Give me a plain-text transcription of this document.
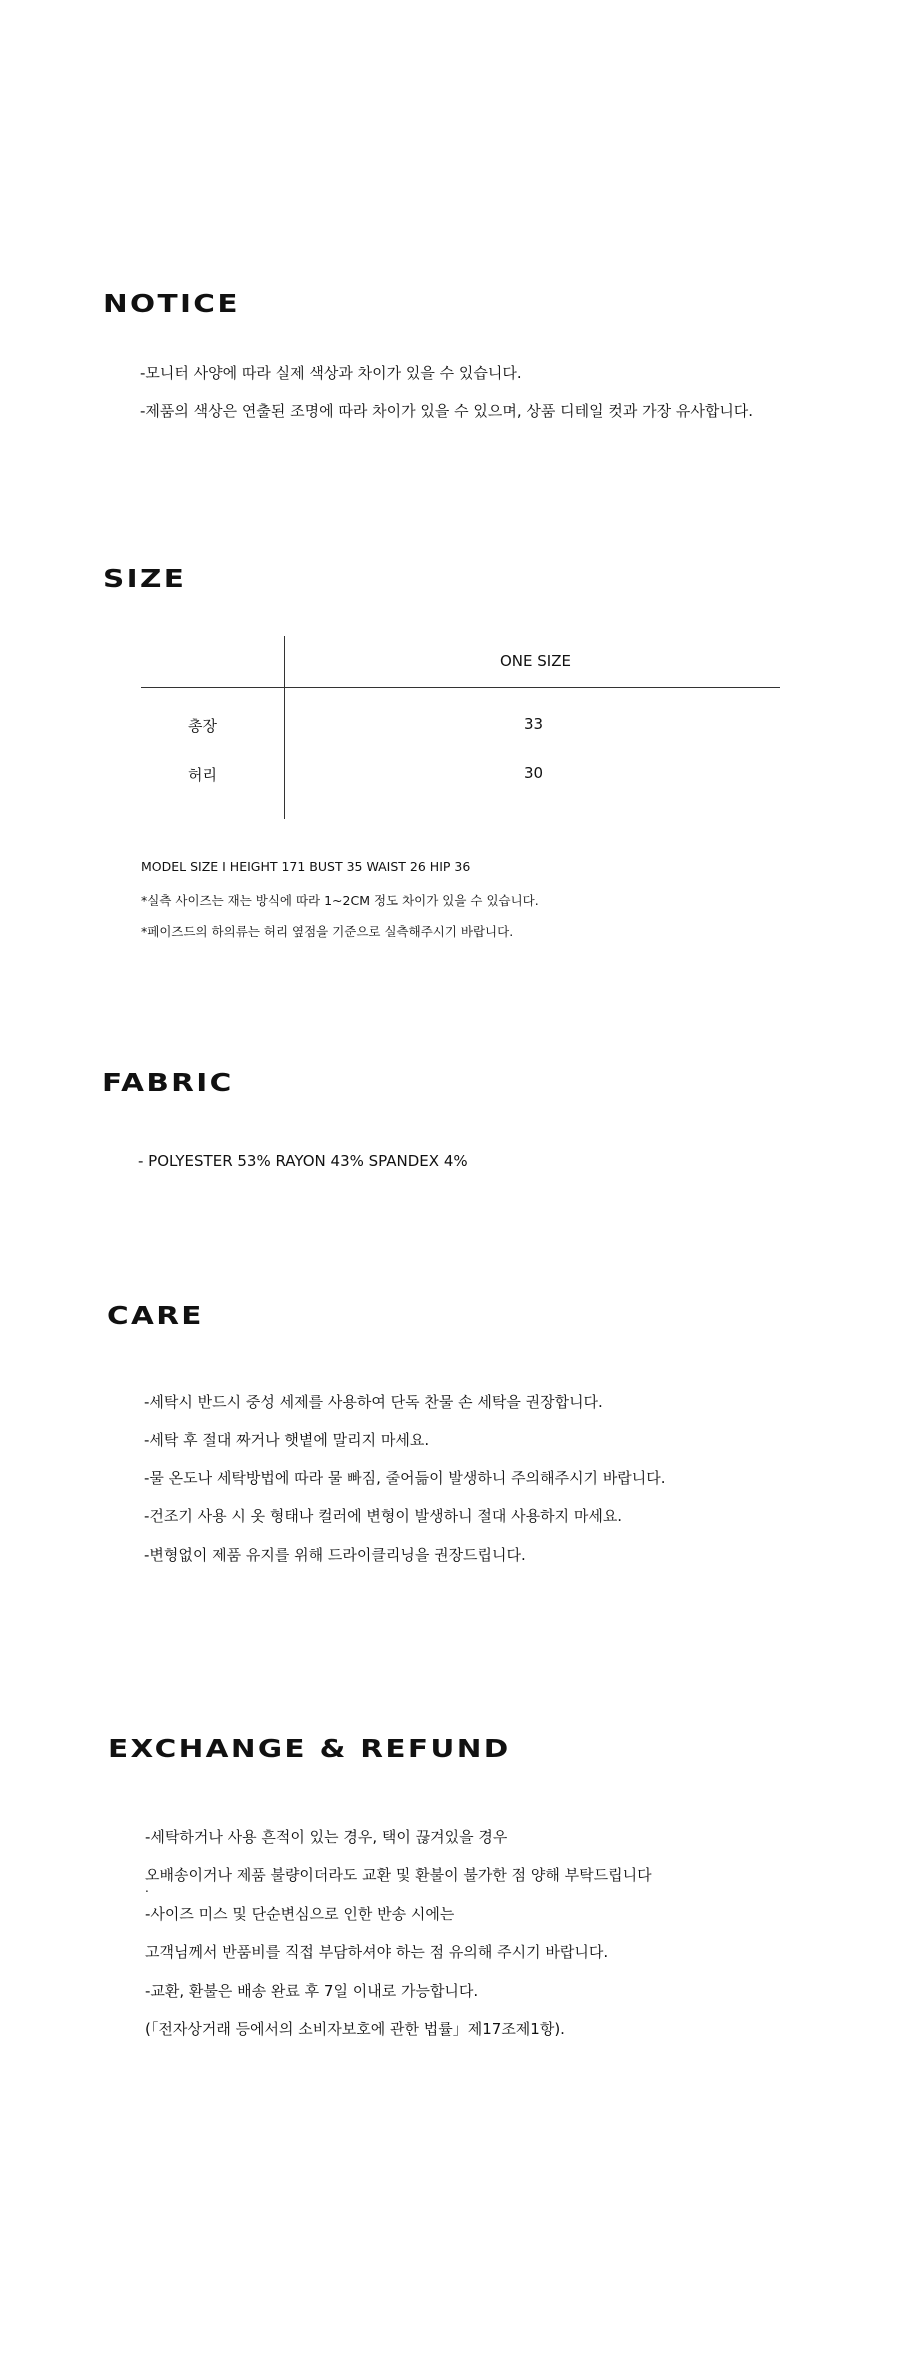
NOTICE

-모니터 사양에 따라 실제 색상과 차이가 있을 수 있습니다.

-제품의 색상은 연출된 조명에 따라 차이가 있을 수 있으며, 상품 디테일 컷과 가장 유사합니다.

SIZE
ONE SIZE
총장	33
허리	30

MODEL SIZE I HEIGHT 171 BUST 35 WAIST 26 HIP 36

*실측 사이즈는 재는 방식에 따라 1~2CM 정도 차이가 있을 수 있습니다.

*페이즈드의 하의류는 허리 옆점을 기준으로 실측해주시기 바랍니다.

FABRIC

- POLYESTER 53% RAYON 43% SPANDEX 4%

CARE

-세탁시 반드시 중성 세제를 사용하여 단독 찬물 손 세탁을 권장합니다.

-세탁 후 절대 짜거나 햇볕에 말리지 마세요.

-물 온도나 세탁방법에 따라 물 빠짐, 줄어듦이 발생하니 주의해주시기 바랍니다.

-건조기 사용 시 옷 형태나 컬러에 변형이 발생하니 절대 사용하지 마세요.

-변형없이 제품 유지를 위해 드라이클리닝을 권장드립니다.

EXCHANGE & REFUND

-세탁하거나 사용 흔적이 있는 경우, 택이 끊겨있을 경우

오배송이거나 제품 불량이더라도 교환 및 환불이 불가한 점 양해 부탁드립니다

.

-사이즈 미스 및 단순변심으로 인한 반송 시에는

고객님께서 반품비를 직접 부담하셔야 하는 점 유의해 주시기 바랍니다.

-교환, 환불은 배송 완료 후 7일 이내로 가능합니다.

(「전자상거래 등에서의 소비자보호에 관한 법률」제17조제1항).
